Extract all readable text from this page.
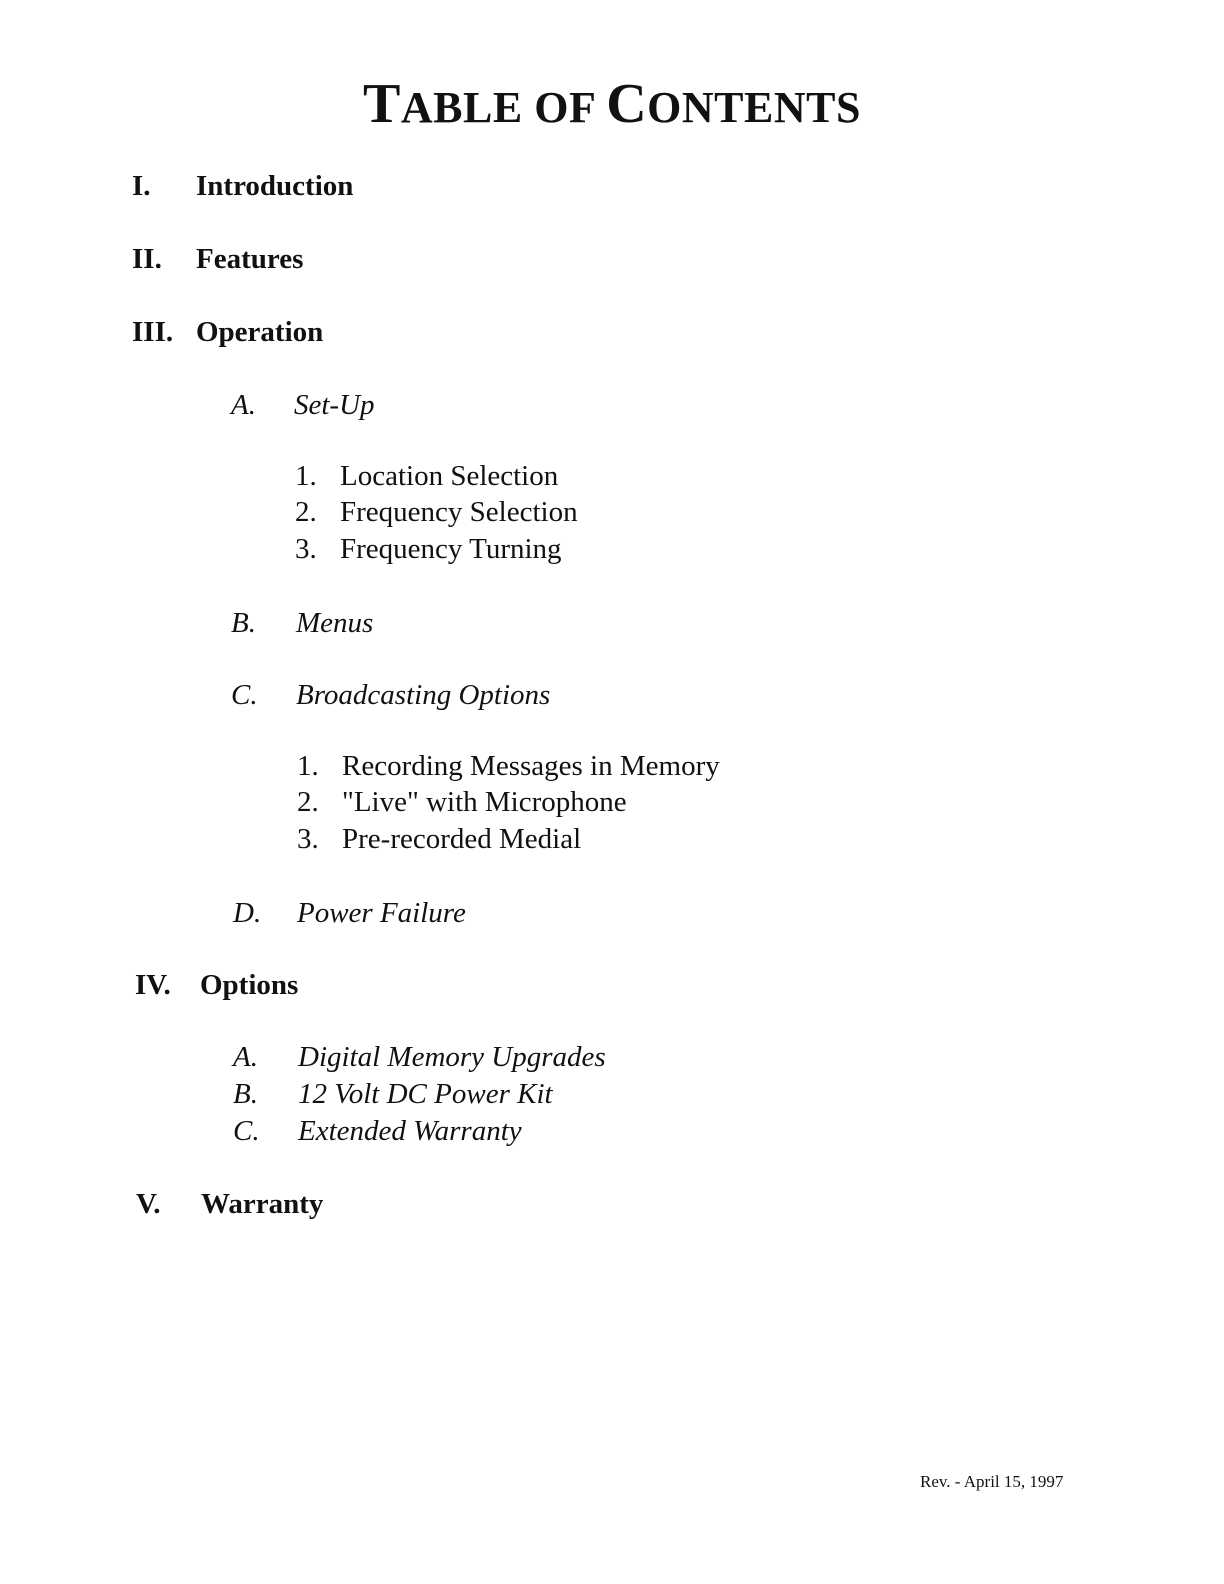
TABLE OF CONTENTS
I. Introduction
II. Features
III. Operation
A. Set-Up
1. Location Selection
2. Frequency Selection
3. Frequency Turning
B. Menus
C. Broadcasting Options
1. Recording Messages in Memory
2. "Live" with Microphone
3. Pre-recorded Medial
D. Power Failure
IV. Options
A. Digital Memory Upgrades
B. 12 Volt DC Power Kit
C. Extended Warranty
V. Warranty
Rev. - April 15, 1997
